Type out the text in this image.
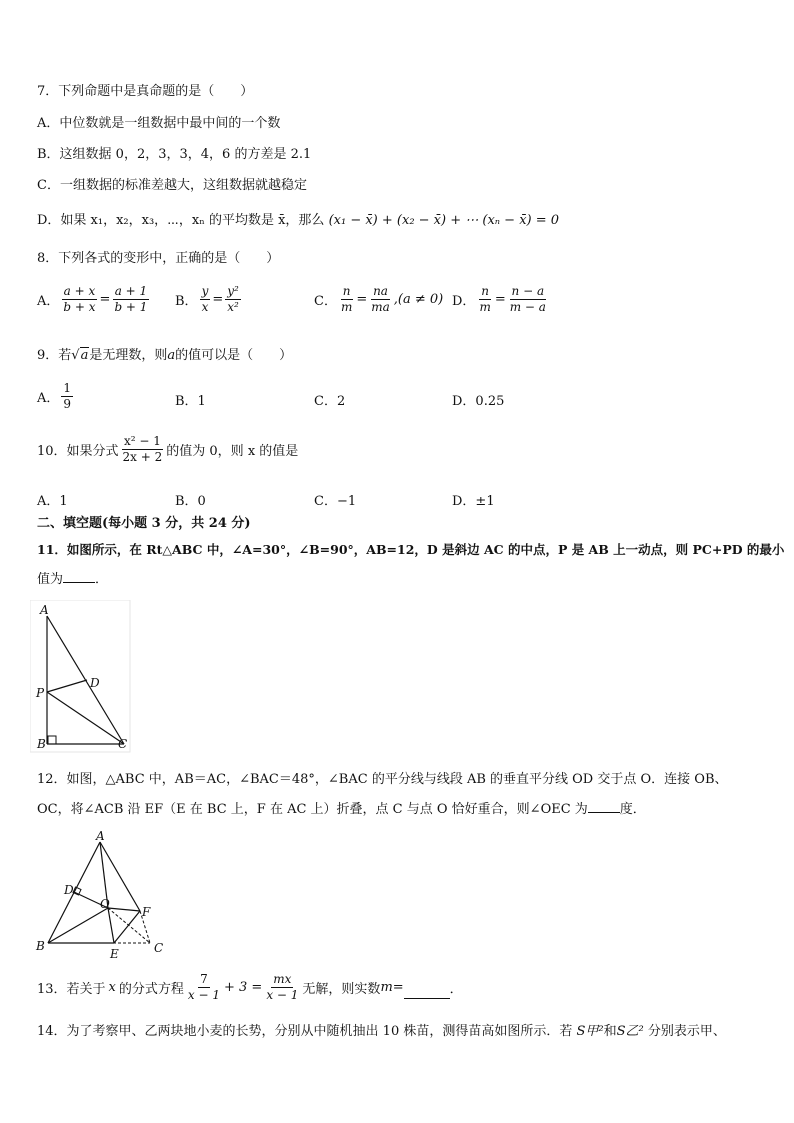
7．下列命题中是真命题的是（　　）
A．中位数就是一组数据中最中间的一个数
B．这组数据 0，2，3，3，4，6 的方差是 2.1
C．一组数据的标准差越大，这组数据就越稳定
D．如果 x₁，x₂，x₃，⋯，xₙ 的平均数是 x̄，那么 (x₁ − x̄) + (x₂ − x̄) + ⋯ (xₙ − x̄) = 0
8．下列各式的变形中，正确的是（　　）
A． $\frac{a + x}{b + x} = \frac{a + 1}{b + 1}$ B． $\frac{y}{x} = \frac{\text{y²}}{\text{x²}}$	C． $\frac{n}{m} = \frac{na}{ma} ,(a \ne 0)$ D． $\frac{n}{m} = \frac{n - a}{m - a}$
9．若√a是无理数，则a的值可以是（　　）
A． $\frac{1}{9}$	B．1	C．2	D．0.25
10．如果分式 $\frac{\text{x² − 1}}{2x + 2}$ 的值为 0，则 x 的值是
A．1	B．0	C．−1	D．±1
二、填空题(每小题 3 分，共 24 分)
11．如图所示，在 Rt△ABC 中，∠A=30°，∠B=90°，AB=12，D 是斜边 AC 的中点，P 是 AB 上一动点，则 PC+PD 的最小
值为 ．
A
B	C
D
P
12．如图，△ABC 中，AB＝AC，∠BAC＝48°，∠BAC 的平分线与线段 AB 的垂直平分线 OD 交于点 O．连接 OB、
OC，将∠ACB 沿 EF（E 在 BC 上，F 在 AC 上）折叠，点 C 与点 O 恰好重合，则∠OEC 为 度．
A
B	C
D
O
E
F
13．若关于 x 的分式方程 $\frac{7}{x - 1} + 3 = \frac{mx}{x - 1}$ 无解，则实数 m =	．
14．为了考察甲、乙两块地小麦的长势，分别从中随机抽出 10 株苗，测得苗高如图所示．若 S甲²和S乙² 分别表示甲、
